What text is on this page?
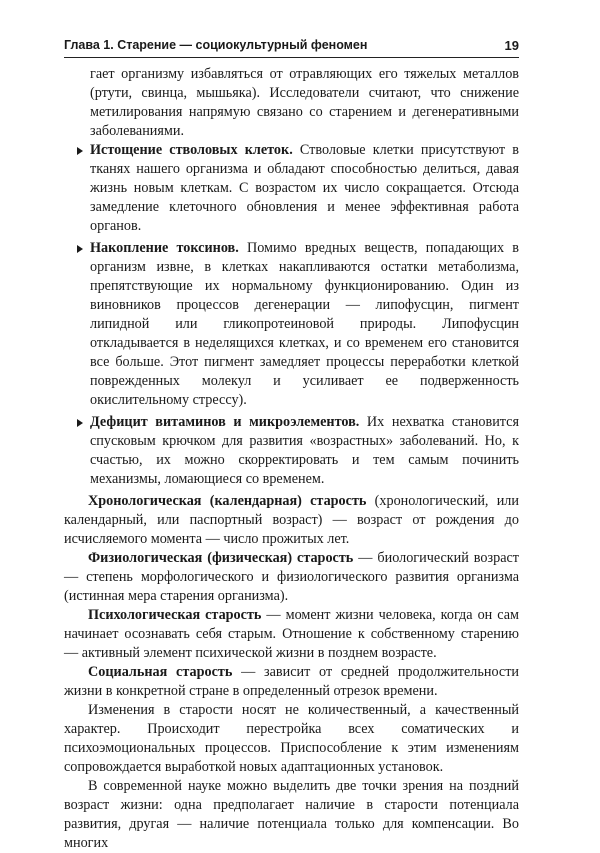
Глава 1. Старение — социокультурный феномен	19

гает организму избавляться от отравляющих его тяжелых металлов (ртути, свинца, мышьяка). Исследователи считают, что снижение метилирования напрямую связано со старением и дегенеративными заболеваниями.

Истощение стволовых клеток. Стволовые клетки присутствуют в тканях нашего организма и обладают способностью делиться, давая жизнь новым клеткам. С возрастом их число сокращается. Отсюда замедление клеточного обновления и менее эффективная работа органов.
Накопление токсинов. Помимо вредных веществ, попадающих в организм извне, в клетках накапливаются остатки метаболизма, препятствующие их нормальному функционированию. Один из виновников процессов дегенерации — липофусцин, пигмент липидной или гликопротеиновой природы. Липофусцин откладывается в неделящихся клетках, и со временем его становится все больше. Этот пигмент замедляет процессы переработки клеткой поврежденных молекул и усиливает ее подверженность окислительному стрессу).
Дефицит витаминов и микроэлементов. Их нехватка становится спусковым крючком для развития «возрастных» заболеваний. Но, к счастью, их можно скорректировать и тем самым починить механизмы, ломающиеся со временем.

Хронологическая (календарная) старость (хронологический, или календарный, или паспортный возраст) — возраст от рождения до исчисляемого момента — число прожитых лет.

Физиологическая (физическая) старость — биологический возраст — степень морфологического и физиологического развития организма (истинная мера старения организма).

Психологическая старость — момент жизни человека, когда он сам начинает осознавать себя старым. Отношение к собственному старению — активный элемент психической жизни в позднем возрасте.

Социальная старость — зависит от средней продолжительности жизни в конкретной стране в определенный отрезок времени.

Изменения в старости носят не количественный, а качественный характер. Происходит перестройка всех соматических и психоэмоциональных процессов. Приспособление к этим изменениям сопровождается выработкой новых адаптационных установок.

В современной науке можно выделить две точки зрения на поздний возраст жизни: одна предполагает наличие в старости потенциала развития, другая — наличие потенциала только для компенсации. Во многих
